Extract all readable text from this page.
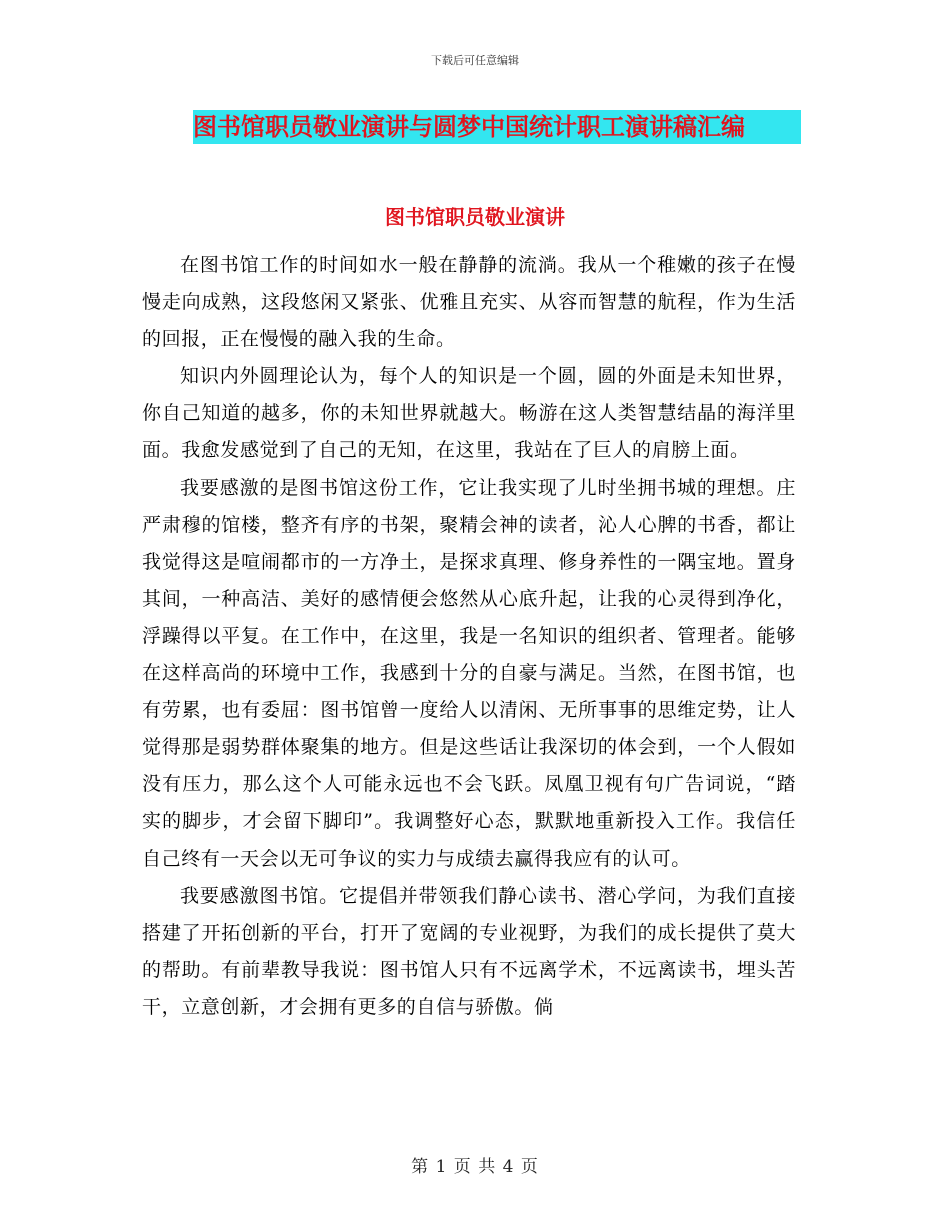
下载后可任意编辑
图书馆职员敬业演讲与圆梦中国统计职工演讲稿汇编
图书馆职员敬业演讲

在图书馆工作的时间如水一般在静静的流淌。我从一个稚嫩的孩子在慢慢走向成熟，这段悠闲又紧张、优雅且充实、从容而智慧的航程，作为生活的回报，正在慢慢的融入我的生命。

知识内外圆理论认为，每个人的知识是一个圆，圆的外面是未知世界，你自己知道的越多，你的未知世界就越大。畅游在这人类智慧结晶的海洋里面。我愈发感觉到了自己的无知，在这里，我站在了巨人的肩膀上面。

我要感激的是图书馆这份工作，它让我实现了儿时坐拥书城的理想。庄严肃穆的馆楼，整齐有序的书架，聚精会神的读者，沁人心脾的书香，都让我觉得这是喧闹都市的一方净土，是探求真理、修身养性的一隅宝地。置身其间，一种高洁、美好的感情便会悠然从心底升起，让我的心灵得到净化，浮躁得以平复。在工作中，在这里，我是一名知识的组织者、管理者。能够在这样高尚的环境中工作，我感到十分的自豪与满足。当然，在图书馆，也有劳累，也有委屈：图书馆曾一度给人以清闲、无所事事的思维定势，让人觉得那是弱势群体聚集的地方。但是这些话让我深切的体会到，一个人假如没有压力，那么这个人可能永远也不会飞跃。凤凰卫视有句广告词说，“踏实的脚步，才会留下脚印”。我调整好心态，默默地重新投入工作。我信任自己终有一天会以无可争议的实力与成绩去赢得我应有的认可。

我要感激图书馆。它提倡并带领我们静心读书、潜心学问，为我们直接搭建了开拓创新的平台，打开了宽阔的专业视野，为我们的成长提供了莫大的帮助。有前辈教导我说：图书馆人只有不远离学术，不远离读书，埋头苦干，立意创新，才会拥有更多的自信与骄傲。倘

第 1 页 共 4 页
